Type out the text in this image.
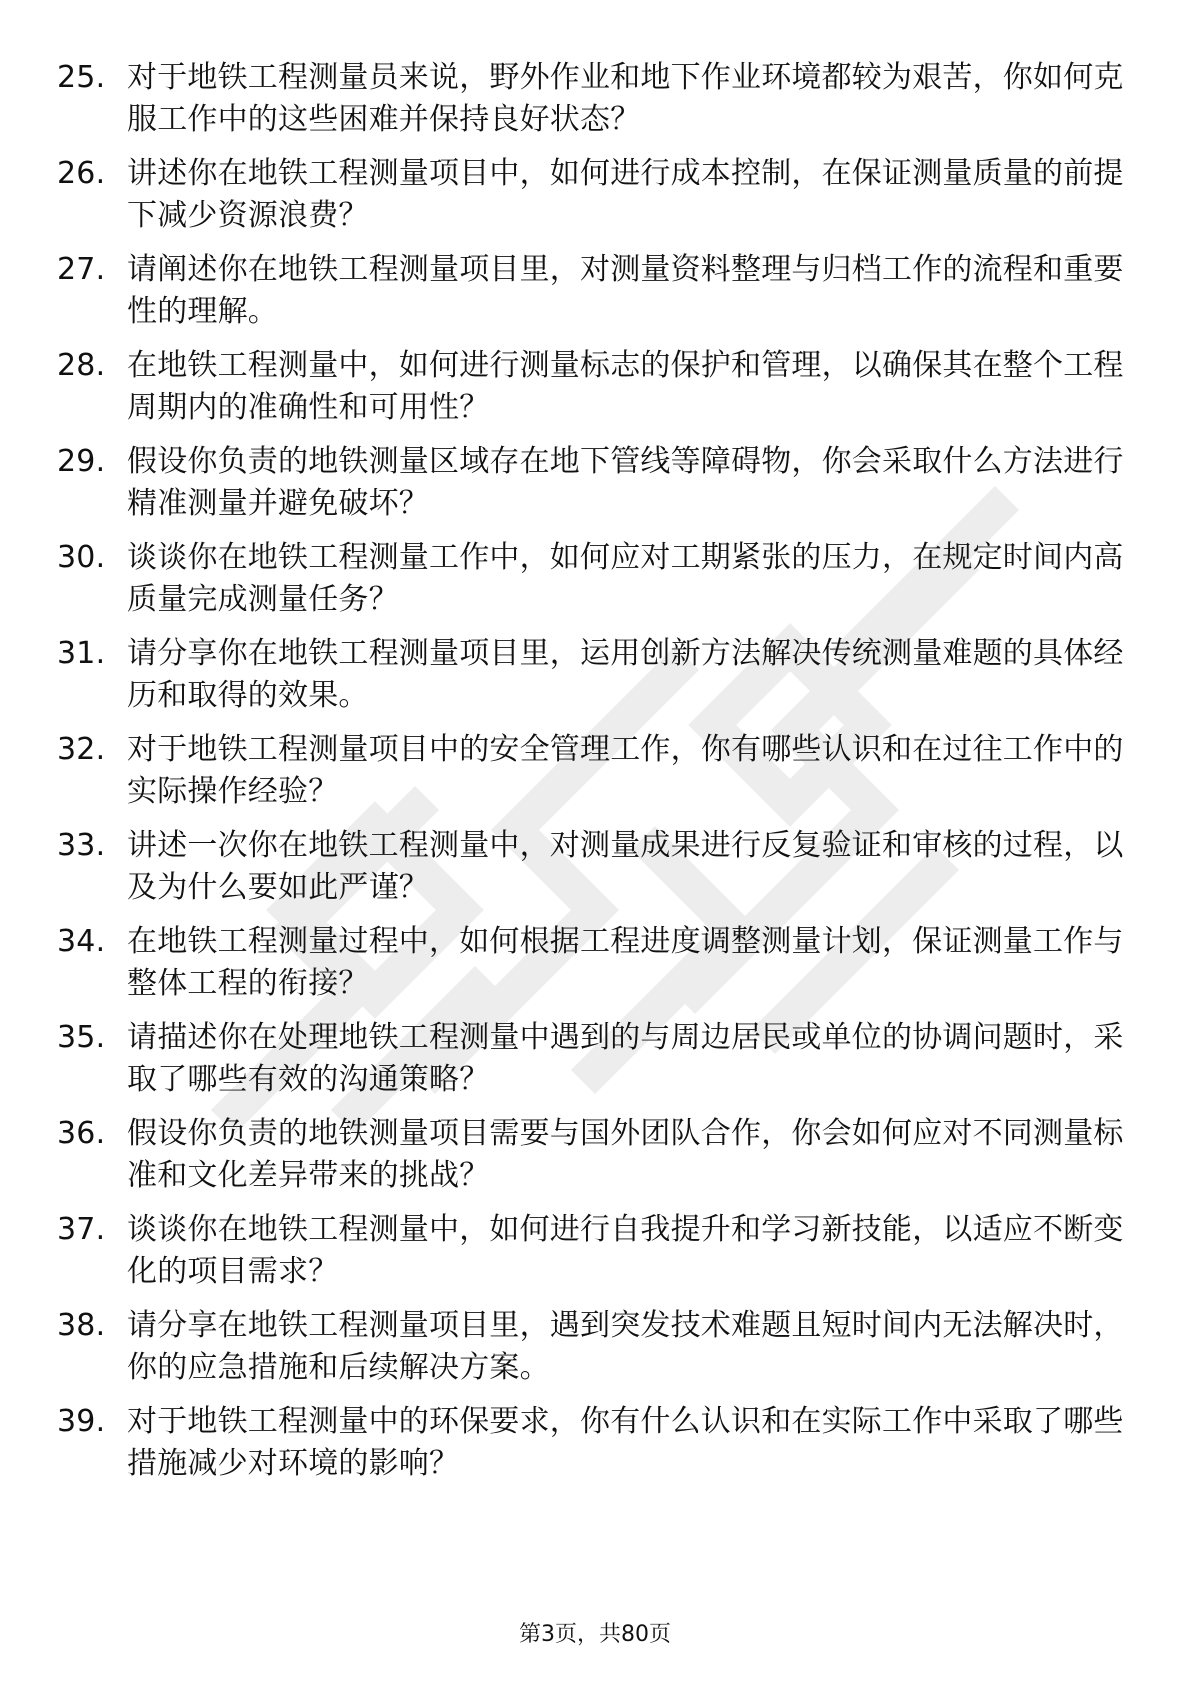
25. 对于地铁工程测量员来说，野外作业和地下作业环境都较为艰苦，你如何克服工作中的这些困难并保持良好状态？
26. 讲述你在地铁工程测量项目中，如何进行成本控制，在保证测量质量的前提下减少资源浪费？
27. 请阐述你在地铁工程测量项目里，对测量资料整理与归档工作的流程和重要性的理解。
28. 在地铁工程测量中，如何进行测量标志的保护和管理，以确保其在整个工程周期内的准确性和可用性？
29. 假设你负责的地铁测量区域存在地下管线等障碍物，你会采取什么方法进行精准测量并避免破坏？
30. 谈谈你在地铁工程测量工作中，如何应对工期紧张的压力，在规定时间内高质量完成测量任务？
31. 请分享你在地铁工程测量项目里，运用创新方法解决传统测量难题的具体经历和取得的效果。
32. 对于地铁工程测量项目中的安全管理工作，你有哪些认识和在过往工作中的实际操作经验？
33. 讲述一次你在地铁工程测量中，对测量成果进行反复验证和审核的过程，以及为什么要如此严谨？
34. 在地铁工程测量过程中，如何根据工程进度调整测量计划，保证测量工作与整体工程的衔接？
35. 请描述你在处理地铁工程测量中遇到的与周边居民或单位的协调问题时，采取了哪些有效的沟通策略？
36. 假设你负责的地铁测量项目需要与国外团队合作，你会如何应对不同测量标准和文化差异带来的挑战？
37. 谈谈你在地铁工程测量中，如何进行自我提升和学习新技能，以适应不断变化的项目需求？
38. 请分享在地铁工程测量项目里，遇到突发技术难题且短时间内无法解决时，你的应急措施和后续解决方案。
39. 对于地铁工程测量中的环保要求，你有什么认识和在实际工作中采取了哪些措施减少对环境的影响？
第3页，共80页
